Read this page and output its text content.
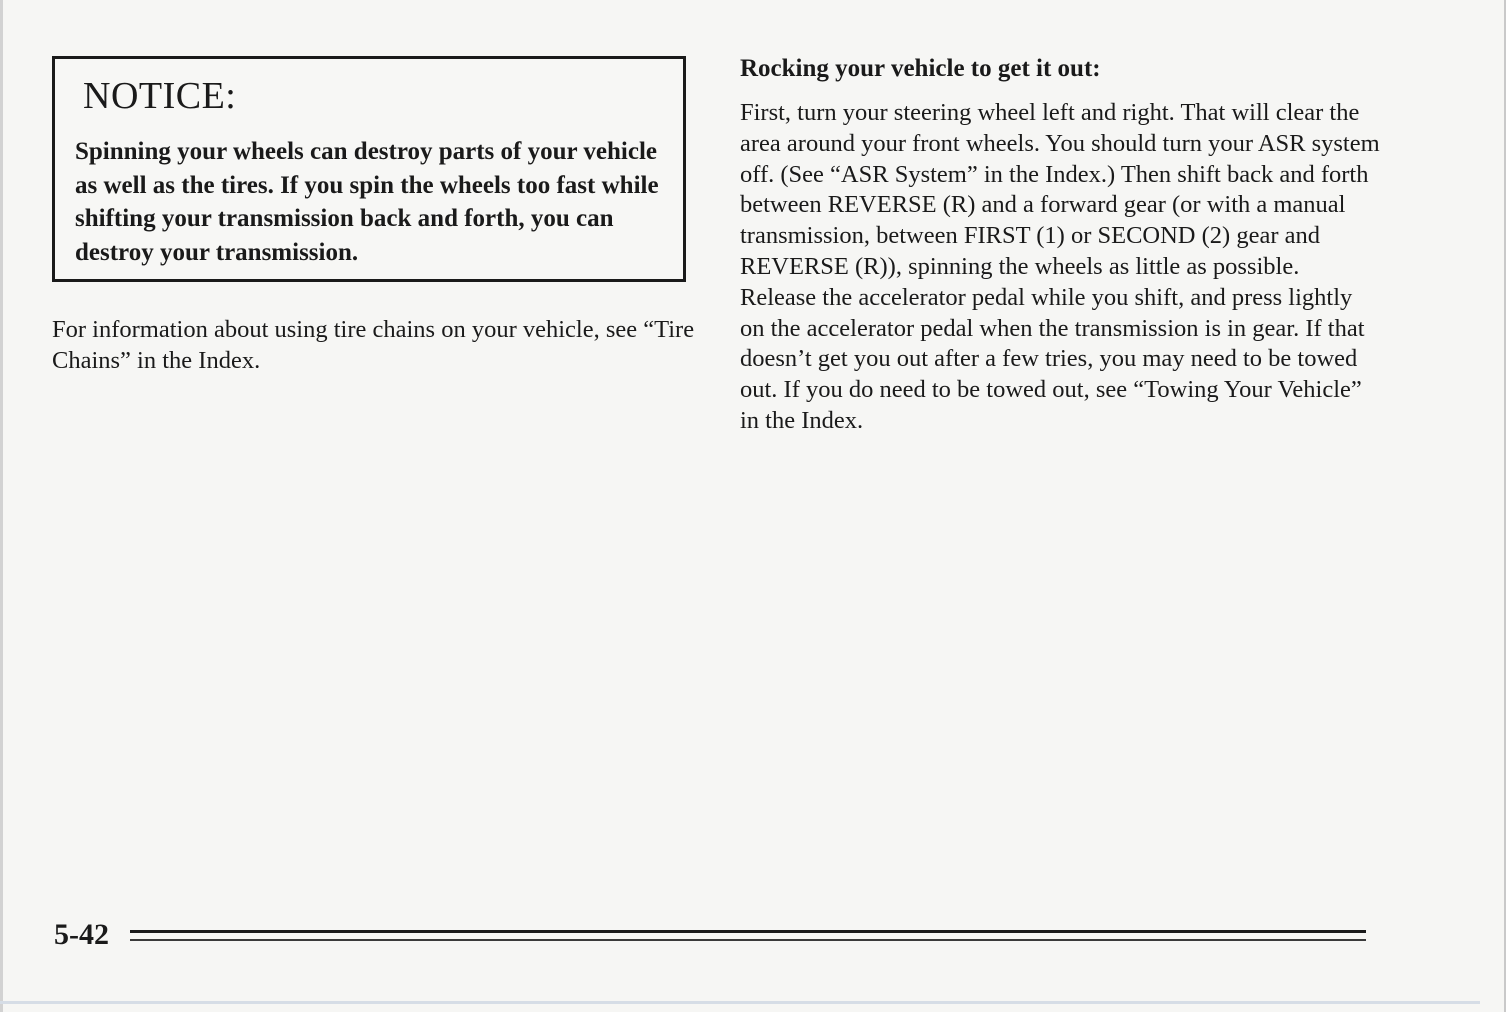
NOTICE:

Spinning your wheels can destroy parts of your vehicle as well as the tires. If you spin the wheels too fast while shifting your transmission back and forth, you can destroy your transmission.

For information about using tire chains on your vehicle, see “Tire Chains” in the Index.

Rocking your vehicle to get it out:

First, turn your steering wheel left and right. That will clear the area around your front wheels. You should turn your ASR system off. (See “ASR System” in the Index.) Then shift back and forth between REVERSE (R) and a forward gear (or with a manual transmission, between FIRST (1) or SECOND (2) gear and REVERSE (R)), spinning the wheels as little as possible. Release the accelerator pedal while you shift, and press lightly on the accelerator pedal when the transmission is in gear. If that doesn’t get you out after a few tries, you may need to be towed out. If you do need to be towed out, see “Towing Your Vehicle” in the Index.

5-42
